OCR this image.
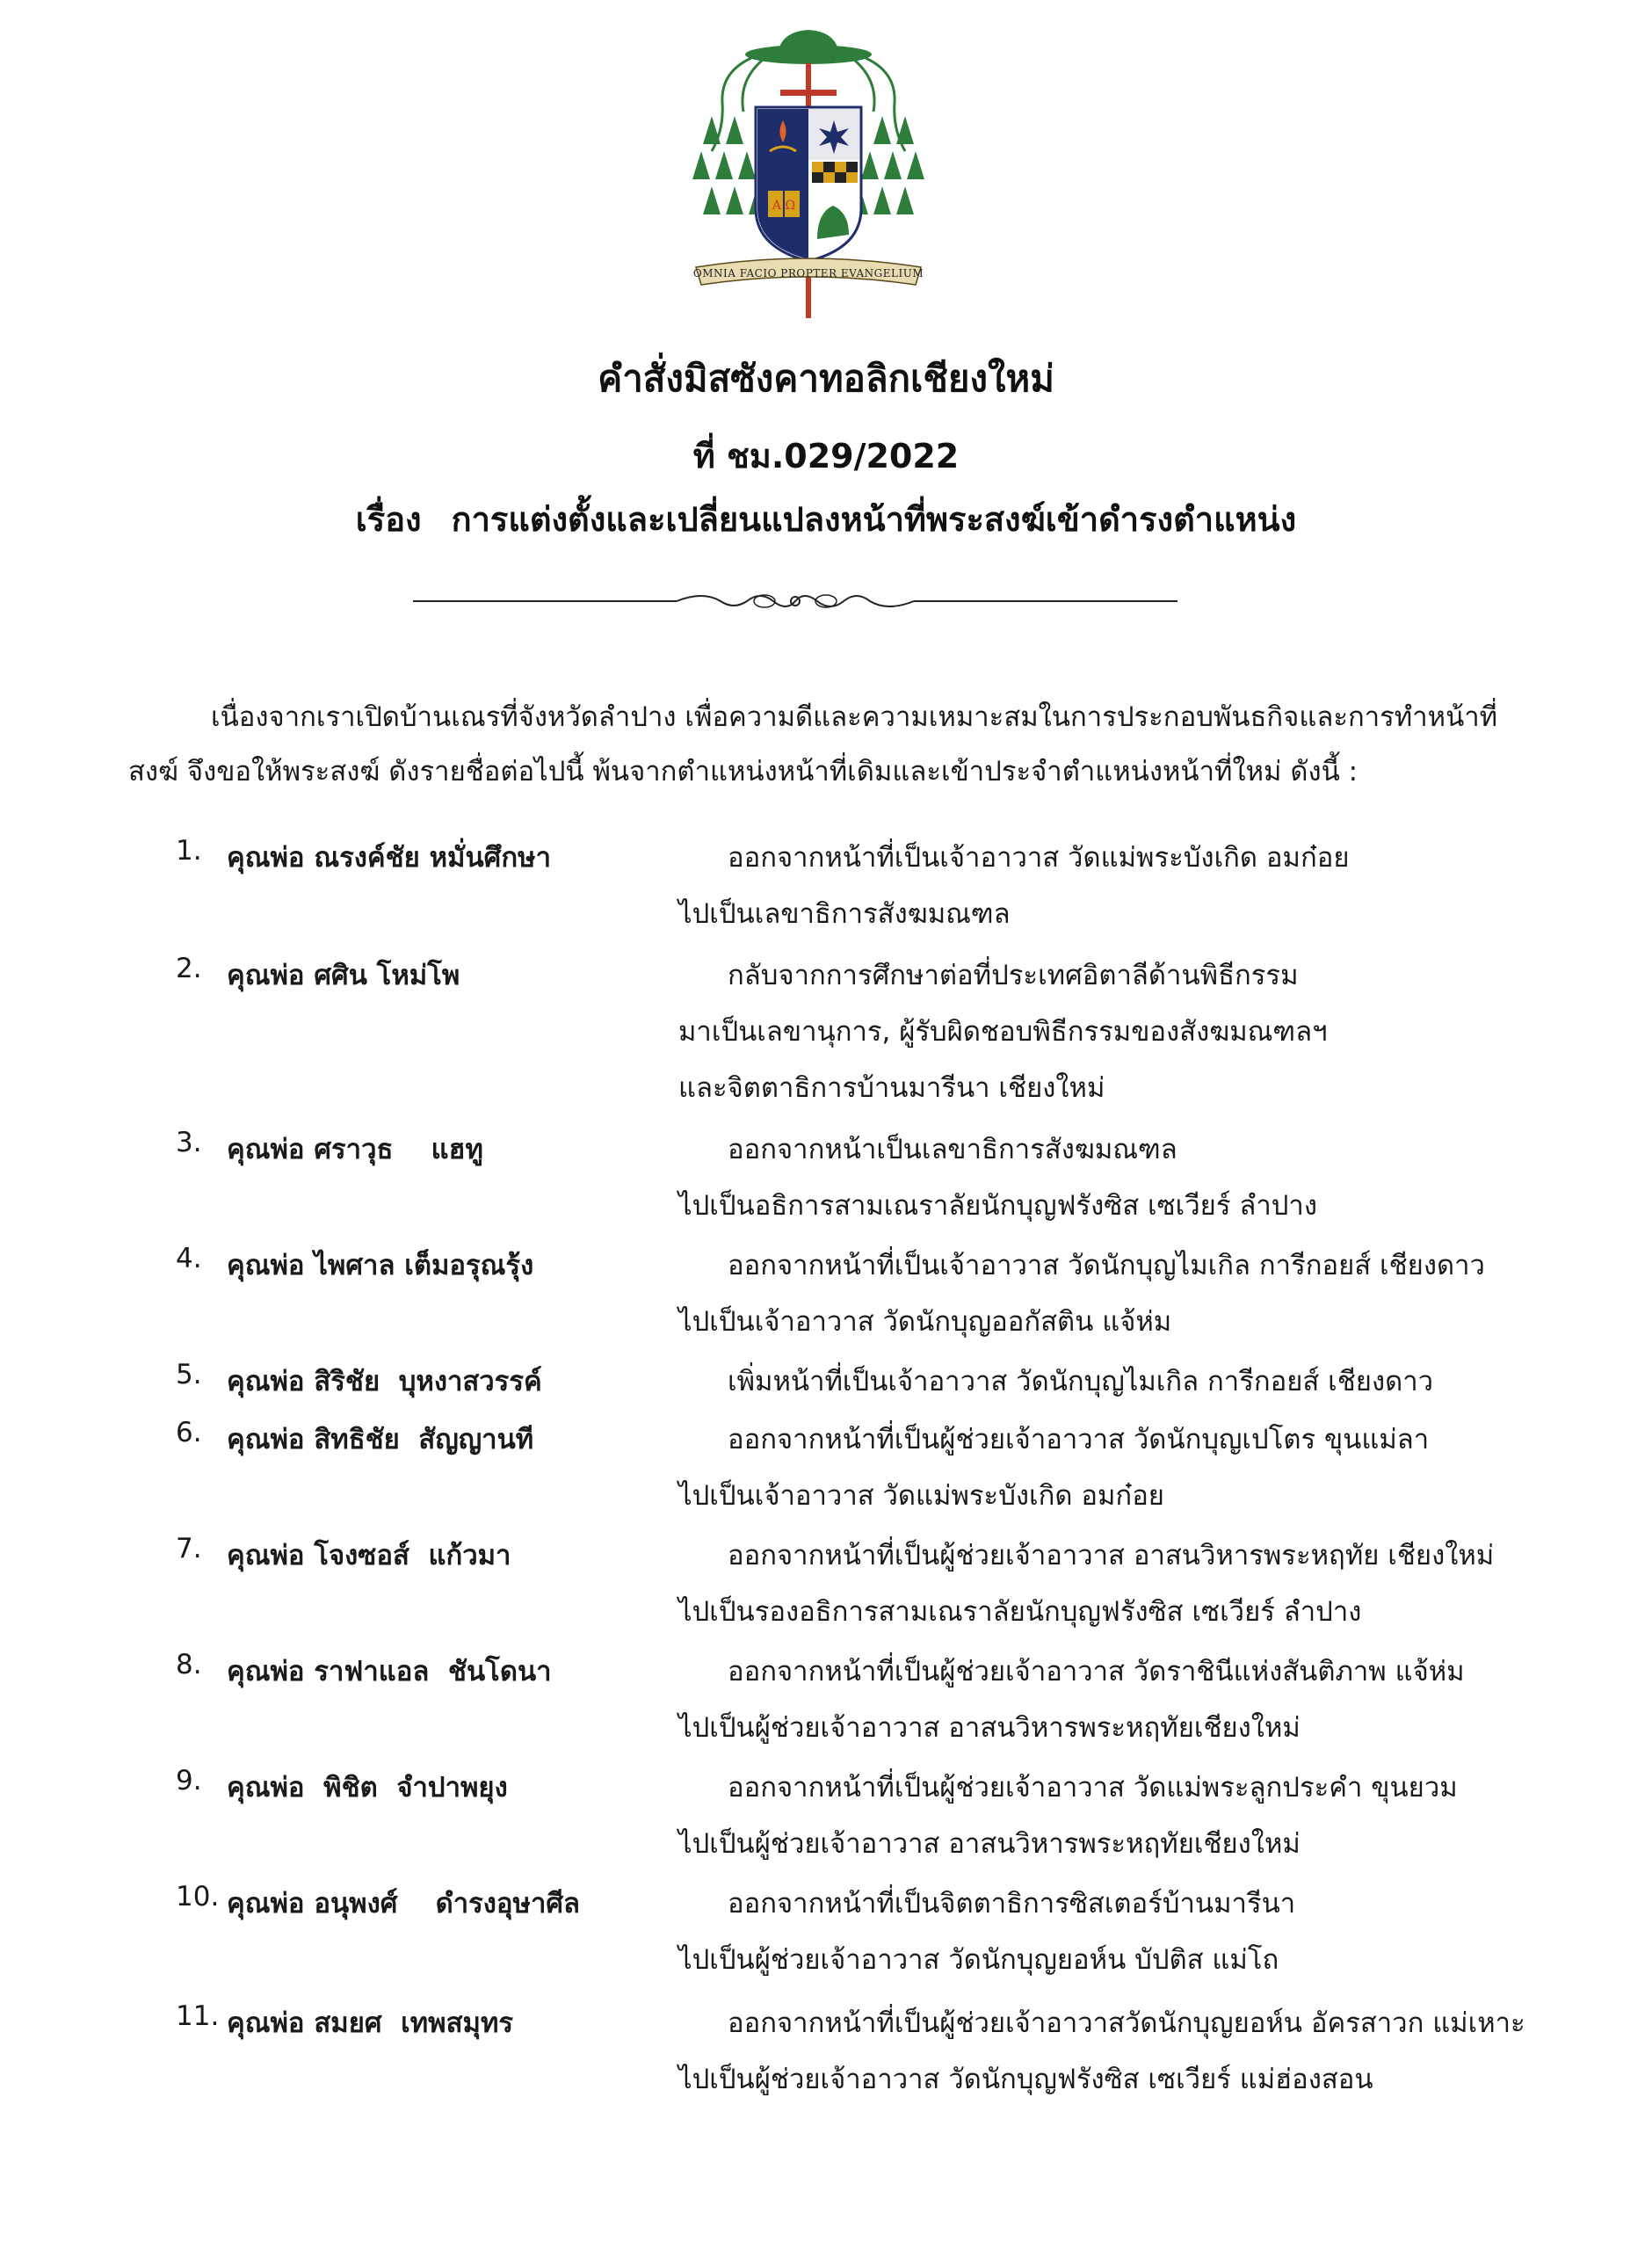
A Ω
OMNIA FACIO PROPTER EVANGELIUM
คำสั่งมิสซังคาทอลิกเชียงใหม่
ที่ ชม.029/2022
เรื่อง การแต่งตั้งและเปลี่ยนแปลงหน้าที่พระสงฆ์เข้าดำรงตำแหน่ง
เนื่องจากเราเปิดบ้านเณรที่จังหวัดลำปาง เพื่อความดีและความเหมาะสมในการประกอบพันธกิจและการทำหน้าที่
สงฆ์ จึงขอให้พระสงฆ์ ดังรายชื่อต่อไปนี้ พ้นจากตำแหน่งหน้าที่เดิมและเข้าประจำตำแหน่งหน้าที่ใหม่ ดังนี้ :
1. คุณพ่อ ณรงค์ชัย หมั่นศึกษา	ออกจากหน้าที่เป็นเจ้าอาวาส วัดแม่พระบังเกิด อมก๋อย
ไปเป็นเลขาธิการสังฆมณฑล
2. คุณพ่อ ศศิน โหม่โพ	กลับจากการศึกษาต่อที่ประเทศอิตาลีด้านพิธีกรรม
มาเป็นเลขานุการ, ผู้รับผิดชอบพิธีกรรมของสังฆมณฑลฯ
และจิตตาธิการบ้านมารีนา เชียงใหม่
3. คุณพ่อ ศราวุธ    แฮทู	ออกจากหน้าเป็นเลขาธิการสังฆมณฑล
ไปเป็นอธิการสามเณราลัยนักบุญฟรังซิส เซเวียร์ ลำปาง
4. คุณพ่อ ไพศาล เต็มอรุณรุ้ง	ออกจากหน้าที่เป็นเจ้าอาวาส วัดนักบุญไมเกิล การีกอยส์ เชียงดาว
ไปเป็นเจ้าอาวาส วัดนักบุญออกัสติน แจ้ห่ม
5. คุณพ่อ สิริชัย  บุหงาสวรรค์	เพิ่มหน้าที่เป็นเจ้าอาวาส วัดนักบุญไมเกิล การีกอยส์ เชียงดาว
6. คุณพ่อ สิทธิชัย  สัญญานที	ออกจากหน้าที่เป็นผู้ช่วยเจ้าอาวาส วัดนักบุญเปโตร ขุนแม่ลา
ไปเป็นเจ้าอาวาส วัดแม่พระบังเกิด อมก๋อย
7. คุณพ่อ โจงซอส์  แก้วมา	ออกจากหน้าที่เป็นผู้ช่วยเจ้าอาวาส อาสนวิหารพระหฤทัย เชียงใหม่
ไปเป็นรองอธิการสามเณราลัยนักบุญฟรังซิส เซเวียร์ ลำปาง
8. คุณพ่อ ราฟาแอล  ชันโดนา	ออกจากหน้าที่เป็นผู้ช่วยเจ้าอาวาส วัดราชินีแห่งสันติภาพ แจ้ห่ม
ไปเป็นผู้ช่วยเจ้าอาวาส อาสนวิหารพระหฤทัยเชียงใหม่
9. คุณพ่อ  พิชิต  จำปาพยุง	ออกจากหน้าที่เป็นผู้ช่วยเจ้าอาวาส วัดแม่พระลูกประคำ ขุนยวม
ไปเป็นผู้ช่วยเจ้าอาวาส อาสนวิหารพระหฤทัยเชียงใหม่
10. คุณพ่อ อนุพงศ์    ดำรงอุษาศีล	ออกจากหน้าที่เป็นจิตตาธิการซิสเตอร์บ้านมารีนา
ไปเป็นผู้ช่วยเจ้าอาวาส วัดนักบุญยอห์น บัปติส แม่โถ
11. คุณพ่อ สมยศ  เทพสมุทร	ออกจากหน้าที่เป็นผู้ช่วยเจ้าอาวาสวัดนักบุญยอห์น อัครสาวก แม่เหาะ
ไปเป็นผู้ช่วยเจ้าอาวาส วัดนักบุญฟรังซิส เซเวียร์ แม่ฮ่องสอน
